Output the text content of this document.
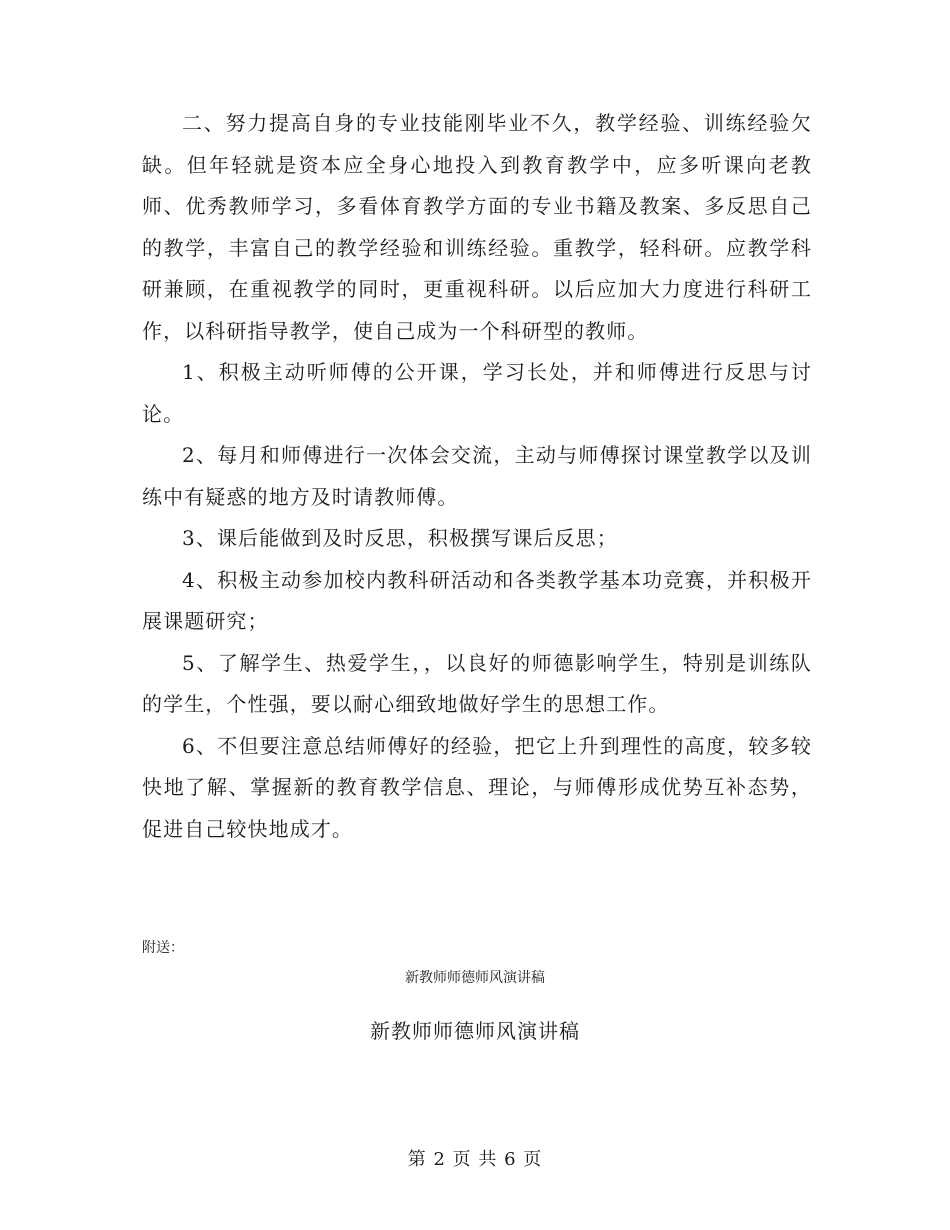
二、努力提高自身的专业技能刚毕业不久，教学经验、训练经验欠缺。但年轻就是资本应全身心地投入到教育教学中，应多听课向老教师、优秀教师学习，多看体育教学方面的专业书籍及教案、多反思自己的教学，丰富自己的教学经验和训练经验。重教学，轻科研。应教学科研兼顾，在重视教学的同时，更重视科研。以后应加大力度进行科研工作，以科研指导教学，使自己成为一个科研型的教师。

1、积极主动听师傅的公开课，学习长处，并和师傅进行反思与讨论。

2、每月和师傅进行一次体会交流，主动与师傅探讨课堂教学以及训练中有疑惑的地方及时请教师傅。

3、课后能做到及时反思，积极撰写课后反思；

4、积极主动参加校内教科研活动和各类教学基本功竞赛，并积极开展课题研究；

5、了解学生、热爱学生，，以良好的师德影响学生，特别是训练队的学生，个性强，要以耐心细致地做好学生的思想工作。

6、不但要注意总结师傅好的经验，把它上升到理性的高度，较多较快地了解、掌握新的教育教学信息、理论，与师傅形成优势互补态势，促进自己较快地成才。

附送：

新教师师德师风演讲稿

新教师师德师风演讲稿

第 2 页 共 6 页
